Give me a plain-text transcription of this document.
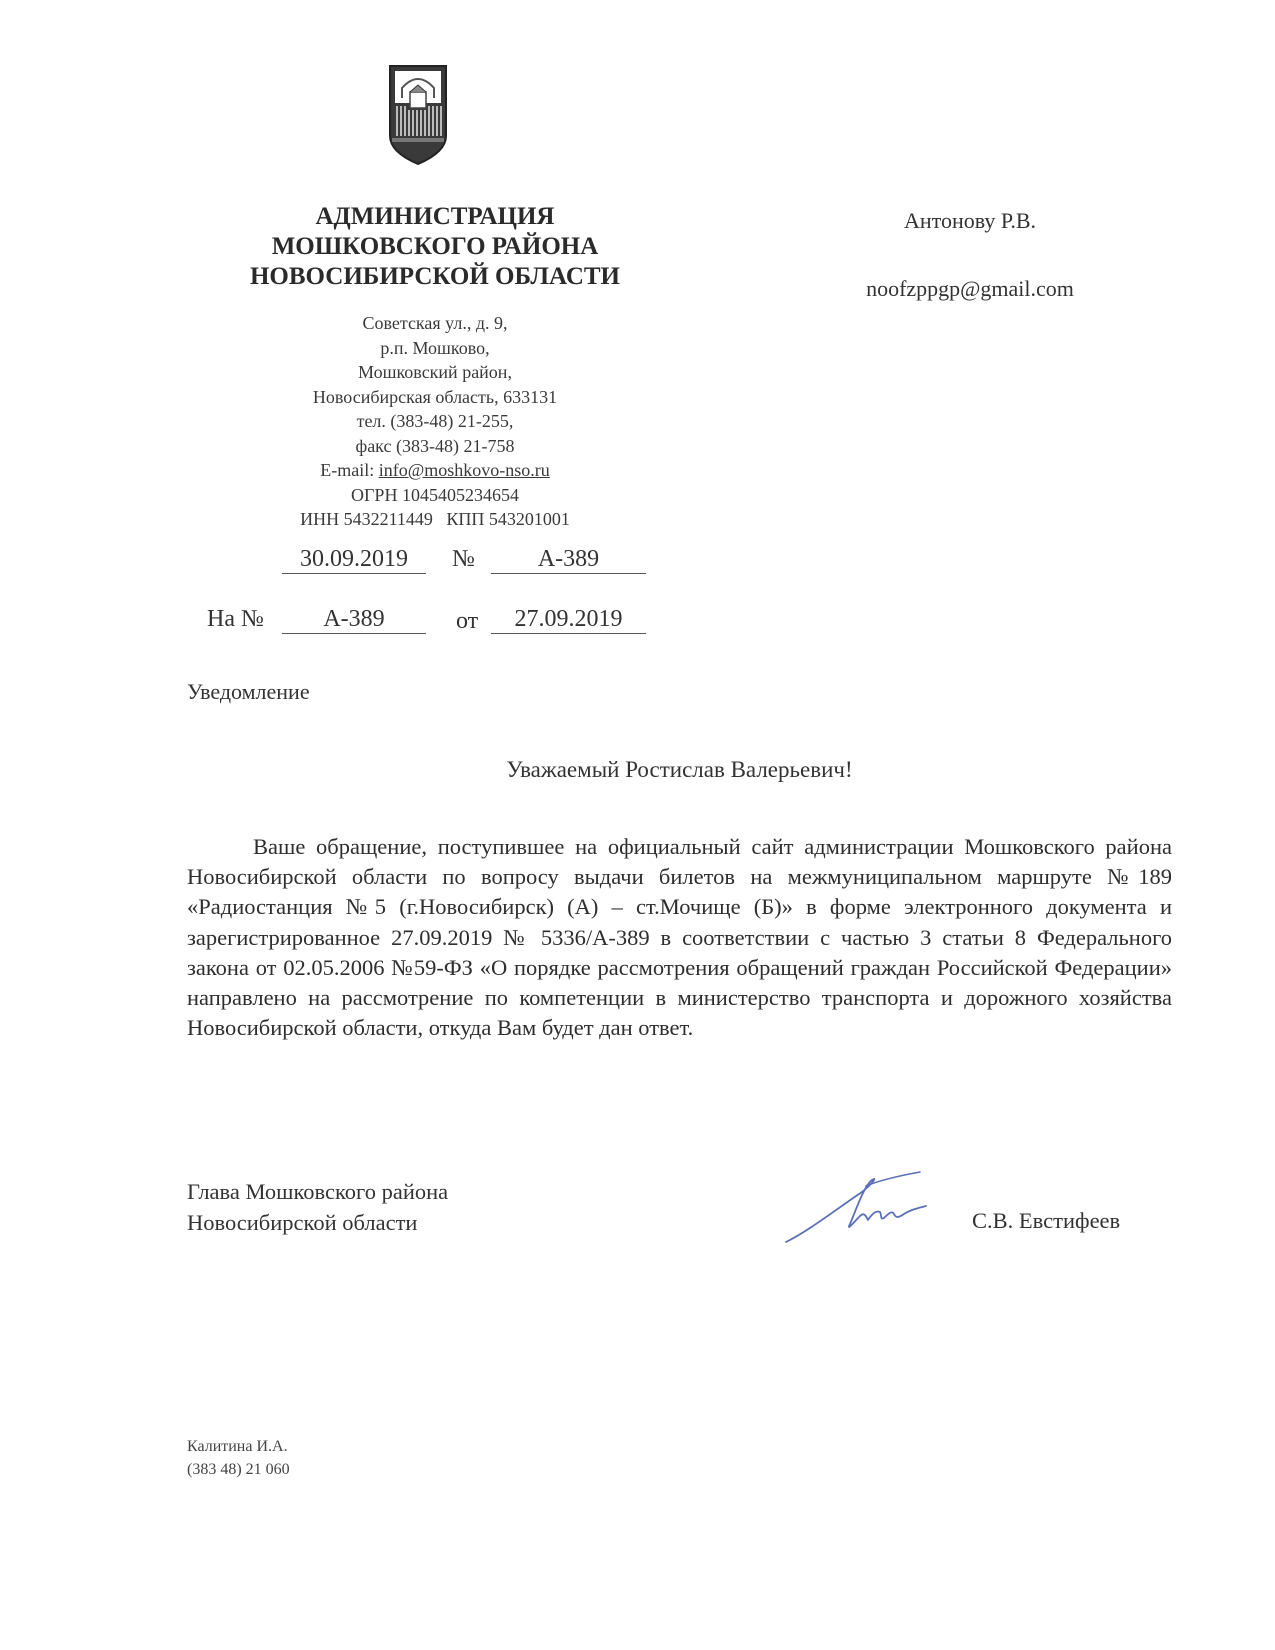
АДМИНИСТРАЦИЯ
МОШКОВСКОГО РАЙОНА
НОВОСИБИРСКОЙ ОБЛАСТИ
Советская ул., д. 9,
р.п. Мошково,
Мошковский район,
Новосибирская область, 633131
тел. (383-48) 21-255,
факс (383-48) 21-758
E-mail: info@moshkovo-nso.ru
ОГРН 1045405234654
ИНН 5432211449   КПП 543201001
Антонову Р.В.
noofzppgp@gmail.com
30.09.2019	№	А-389
На №	А-389	от	27.09.2019
Уведомление
Уважаемый Ростислав Валерьевич!
Ваше обращение, поступившее на официальный сайт администрации Мошковского района Новосибирской области по вопросу выдачи билетов на межмуниципальном маршруте №189 «Радиостанция №5 (г.Новосибирск) (А) – ст.Мочище (Б)» в форме электронного документа и зарегистрированное 27.09.2019 № 5336/А-389 в соответствии с частью 3 статьи 8 Федерального закона от 02.05.2006 №59-ФЗ «О порядке рассмотрения обращений граждан Российской Федерации» направлено на рассмотрение по компетенции в министерство транспорта и дорожного хозяйства Новосибирской области, откуда Вам будет дан ответ.
Глава Мошковского района
Новосибирской области	С.В. Евстифеев
Калитина И.А.
(383 48) 21 060
